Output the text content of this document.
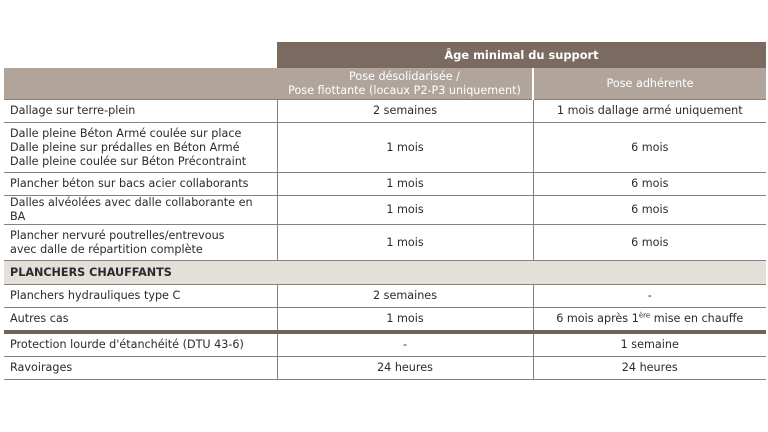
	Âge minimal du support	
	Pose désolidarisée /
Pose flottante (locaux P2-P3 uniquement)	Pose adhérente
Dallage sur terre-plein	2 semaines	1 mois dallage armé uniquement
Dalle pleine Béton Armé coulée sur place
Dalle pleine sur prédalles en Béton Armé
Dalle pleine coulée sur Béton Précontraint	1 mois	6 mois
Plancher béton sur bacs acier collaborants	1 mois	6 mois
Dalles alvéolées avec dalle collaborante en BA	1 mois	6 mois
Plancher nervuré poutrelles/entrevous
avec dalle de répartition complète	1 mois	6 mois
PLANCHERS CHAUFFANTS		
Planchers hydrauliques type C	2 semaines	-
Autres cas	1 mois	6 mois après 1ère mise en chauffe
Protection lourde d'étanchéité (DTU 43-6)	-	1 semaine
Ravoirages	24 heures	24 heures
